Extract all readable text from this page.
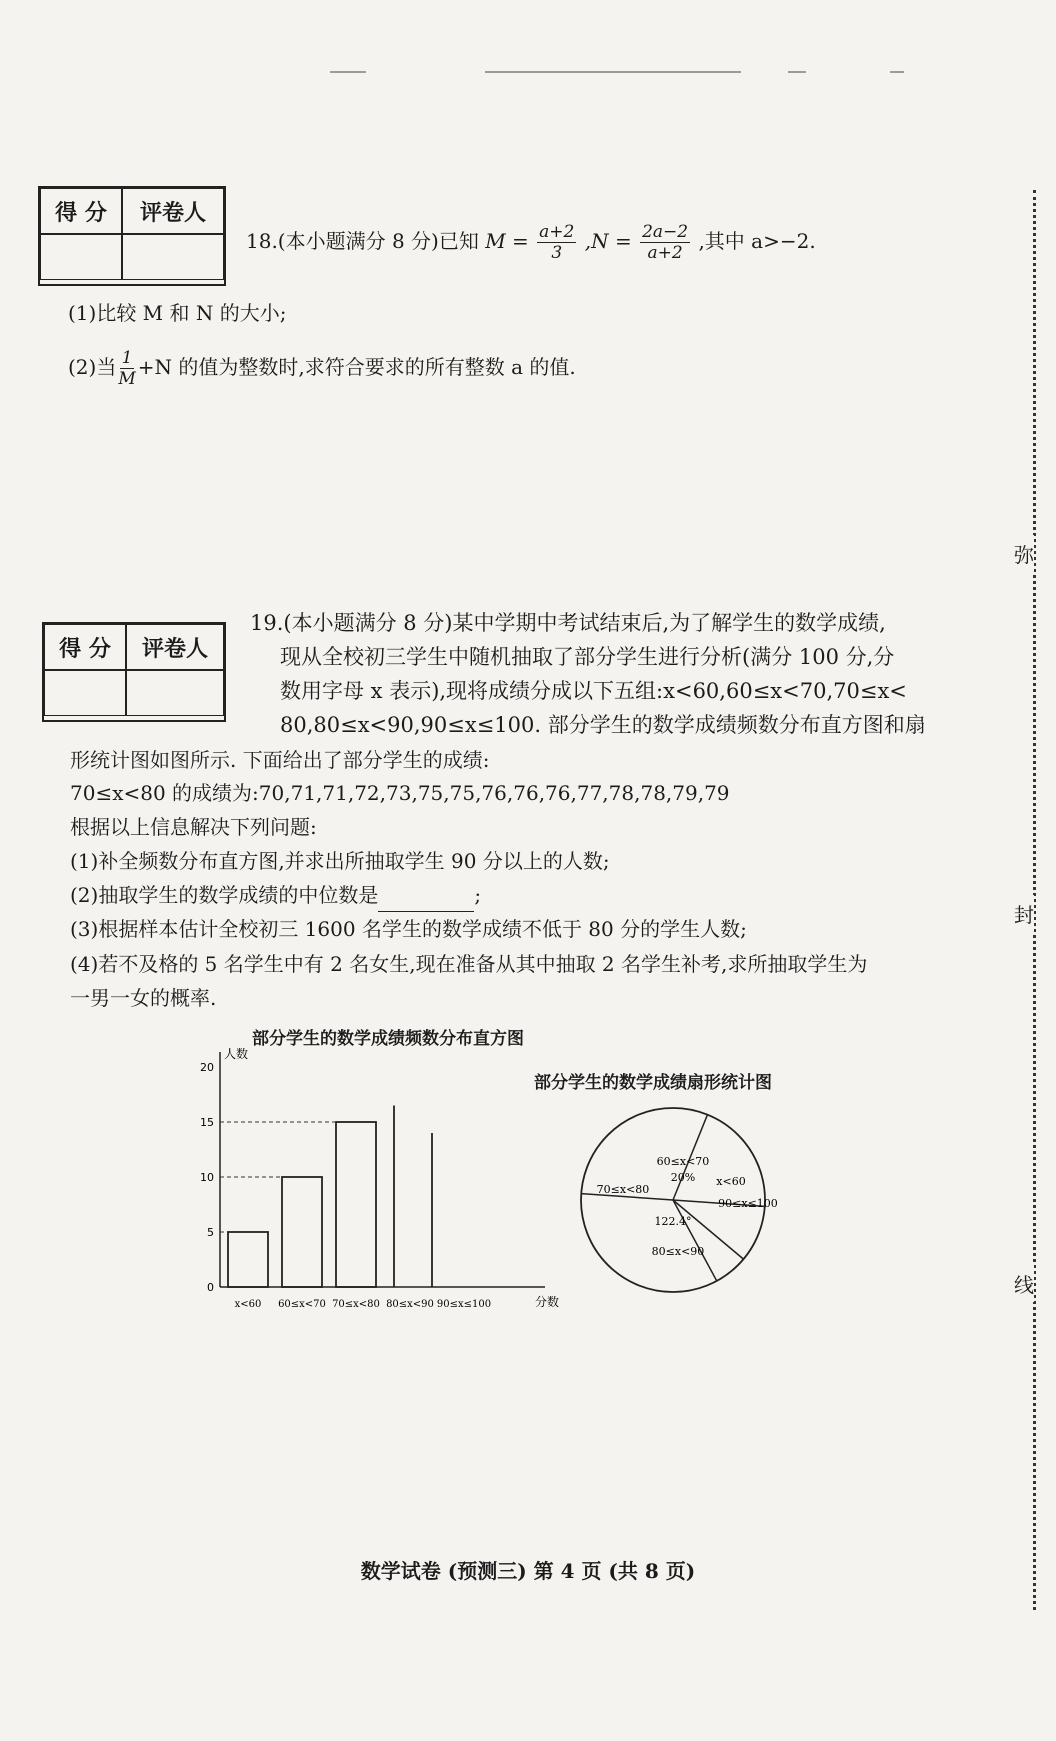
弥
封
线
得 分	评卷人
18.(本小题满分 8 分)已知 $M = \frac{a+2}{3} ,N = \frac{2a-2}{a+2}$ ,其中 a>−2.
(1)比较 M 和 N 的大小;
(2)当 $\frac{1}{M} +N$ 的值为整数时,求符合要求的所有整数 a 的值.
得 分	评卷人
19.(本小题满分 8 分)某中学期中考试结束后,为了解学生的数学成绩,
现从全校初三学生中随机抽取了部分学生进行分析(满分 100 分,分
数用字母 x 表示),现将成绩分成以下五组:x<60,60≤x<70,70≤x<
80,80≤x<90,90≤x≤100. 部分学生的数学成绩频数分布直方图和扇
形统计图如图所示. 下面给出了部分学生的成绩:
70≤x<80 的成绩为:70,71,71,72,73,75,75,76,76,76,77,78,78,79,79
根据以上信息解决下列问题:
(1)补全频数分布直方图,并求出所抽取学生 90 分以上的人数;
(2)抽取学生的数学成绩的中位数是	;
(3)根据样本估计全校初三 1600 名学生的数学成绩不低于 80 分的学生人数;
(4)若不及格的 5 名学生中有 2 名女生,现在准备从其中抽取 2 名学生补考,求所抽取学生为
一男一女的概率.
部分学生的数学成绩频数分布直方图
人数
分数
0
5
10
15
20
x<60 60≤x<70 70≤x<80 80≤x<90 90≤x≤100
部分学生的数学成绩扇形统计图
60≤x<70
20% x<60
90≤x≤100
80≤x<90
122.4°
70≤x<80
数学试卷 (预测三) 第 4 页 (共 8 页)
